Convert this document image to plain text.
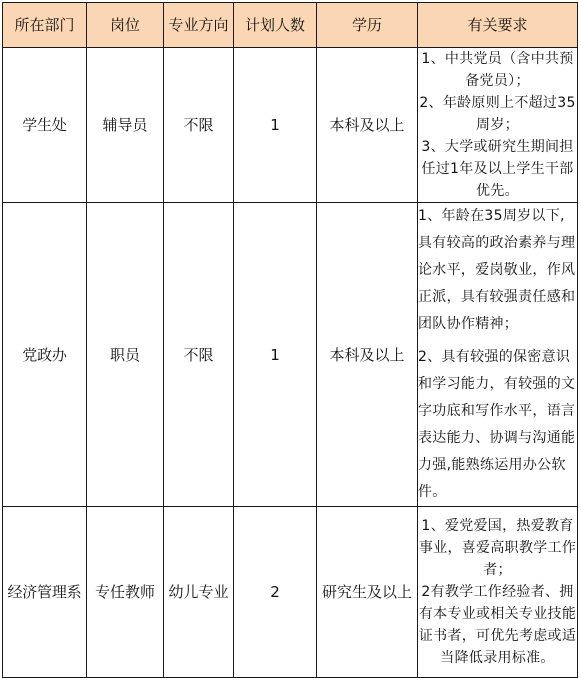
所在部门	岗位	专业方向	计划人数	学历	有关要求
学生处	辅导员	不限	1	本科及以上	1、中共党员（含中共预备党员）；
2、年龄原则上不超过35周岁；
3、大学或研究生期间担任过1年及以上学生干部优先。

党政办	职员	不限	1	本科及以上	1、年龄在35周岁以下,具有较高的政治素养与理论水平，爱岗敬业，作风正派，具有较强责任感和团队协作精神；
2、具有较强的保密意识和学习能力，有较强的文字功底和写作水平，语言表达能力、协调与沟通能力强,能熟练运用办公软件。

经济管理系	专任教师	幼儿专业	2	研究生及以上	1、爱党爱国，热爱教育事业，喜爱高职教学工作者；
2有教学工作经验者、拥有本专业或相关专业技能证书者，可优先考虑或适当降低录用标准。
